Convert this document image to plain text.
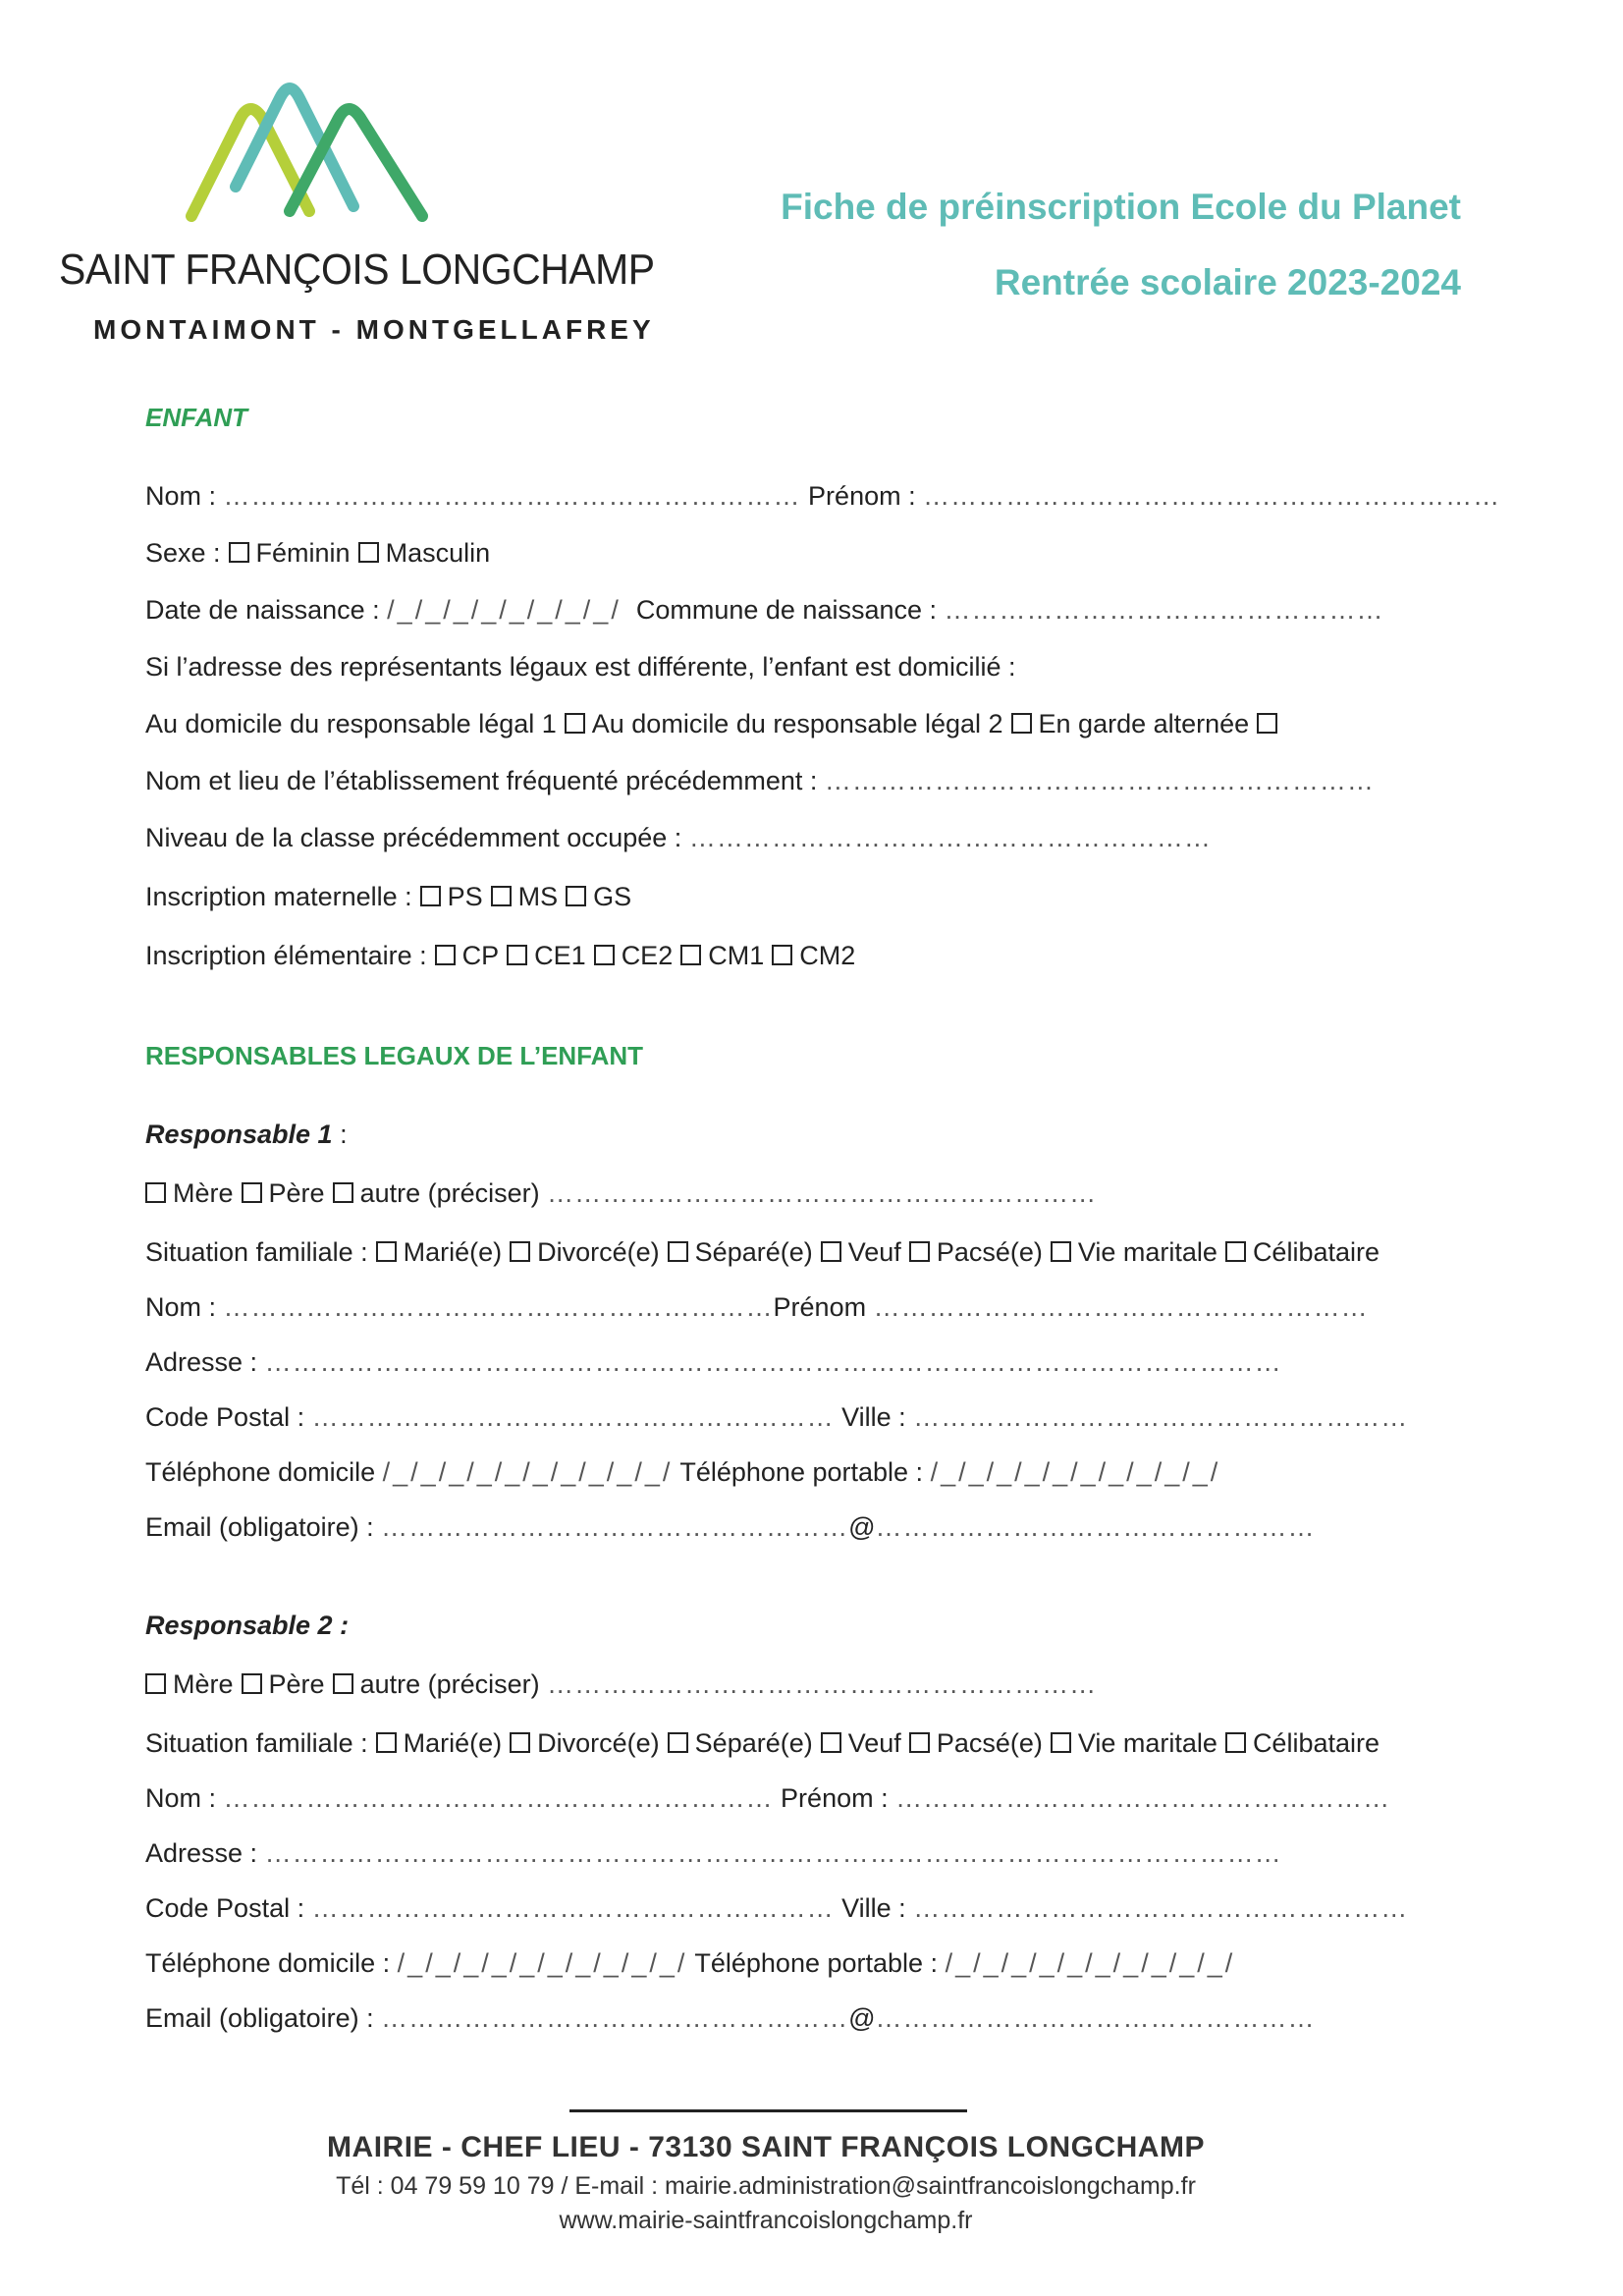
SAINT FRANÇOIS LONGCHAMP
MONTAIMONT - MONTGELLAFREY
Fiche de préinscription Ecole du Planet
Rentrée scolaire 2023-2024

ENFANT

Nom : ……………………………………………………… Prénom : ………………………………………………………
Sexe : Féminin Masculin
Date de naissance : /_/_/_/_/_/_/_/_/ Commune de naissance : …………………………………………
Si l’adresse des représentants légaux est différente, l’enfant est domicilié :
Au domicile du responsable légal 1 Au domicile du responsable légal 2 En garde alternée
Nom et lieu de l’établissement fréquenté précédemment : ……………………………………………………
Niveau de la classe précédemment occupée : …………………………………………………
Inscription maternelle : PS MS GS
Inscription élémentaire : CP CE1 CE2 CM1 CM2

RESPONSABLES LEGAUX DE L’ENFANT

Responsable 1 :
Mère Père autre (préciser) ……………………………………………………
Situation familiale : Marié(e) Divorcé(e) Séparé(e) Veuf Pacsé(e) Vie maritale Célibataire
Nom : ……………………………………………………Prénom ………………………………………………
Adresse : …………………………………………………………………………………………………
Code Postal : ………………………………………………… Ville : ………………………………………………
Téléphone domicile /_/_/_/_/_/_/_/_/_/_/ Téléphone portable : /_/_/_/_/_/_/_/_/_/_/
Email (obligatoire) : ……………………………………………@…………………………………………
Responsable 2 :
Mère Père autre (préciser) ……………………………………………………
Situation familiale : Marié(e) Divorcé(e) Séparé(e) Veuf Pacsé(e) Vie maritale Célibataire
Nom : …………………………………………………… Prénom : ………………………………………………
Adresse : …………………………………………………………………………………………………
Code Postal : ………………………………………………… Ville : ………………………………………………
Téléphone domicile : /_/_/_/_/_/_/_/_/_/_/ Téléphone portable : /_/_/_/_/_/_/_/_/_/_/
Email (obligatoire) : ……………………………………………@…………………………………………
MAIRIE - CHEF LIEU - 73130 SAINT FRANÇOIS LONGCHAMP
Tél : 04 79 59 10 79 / E-mail : mairie.administration@saintfrancoislongchamp.fr
www.mairie-saintfrancoislongchamp.fr
